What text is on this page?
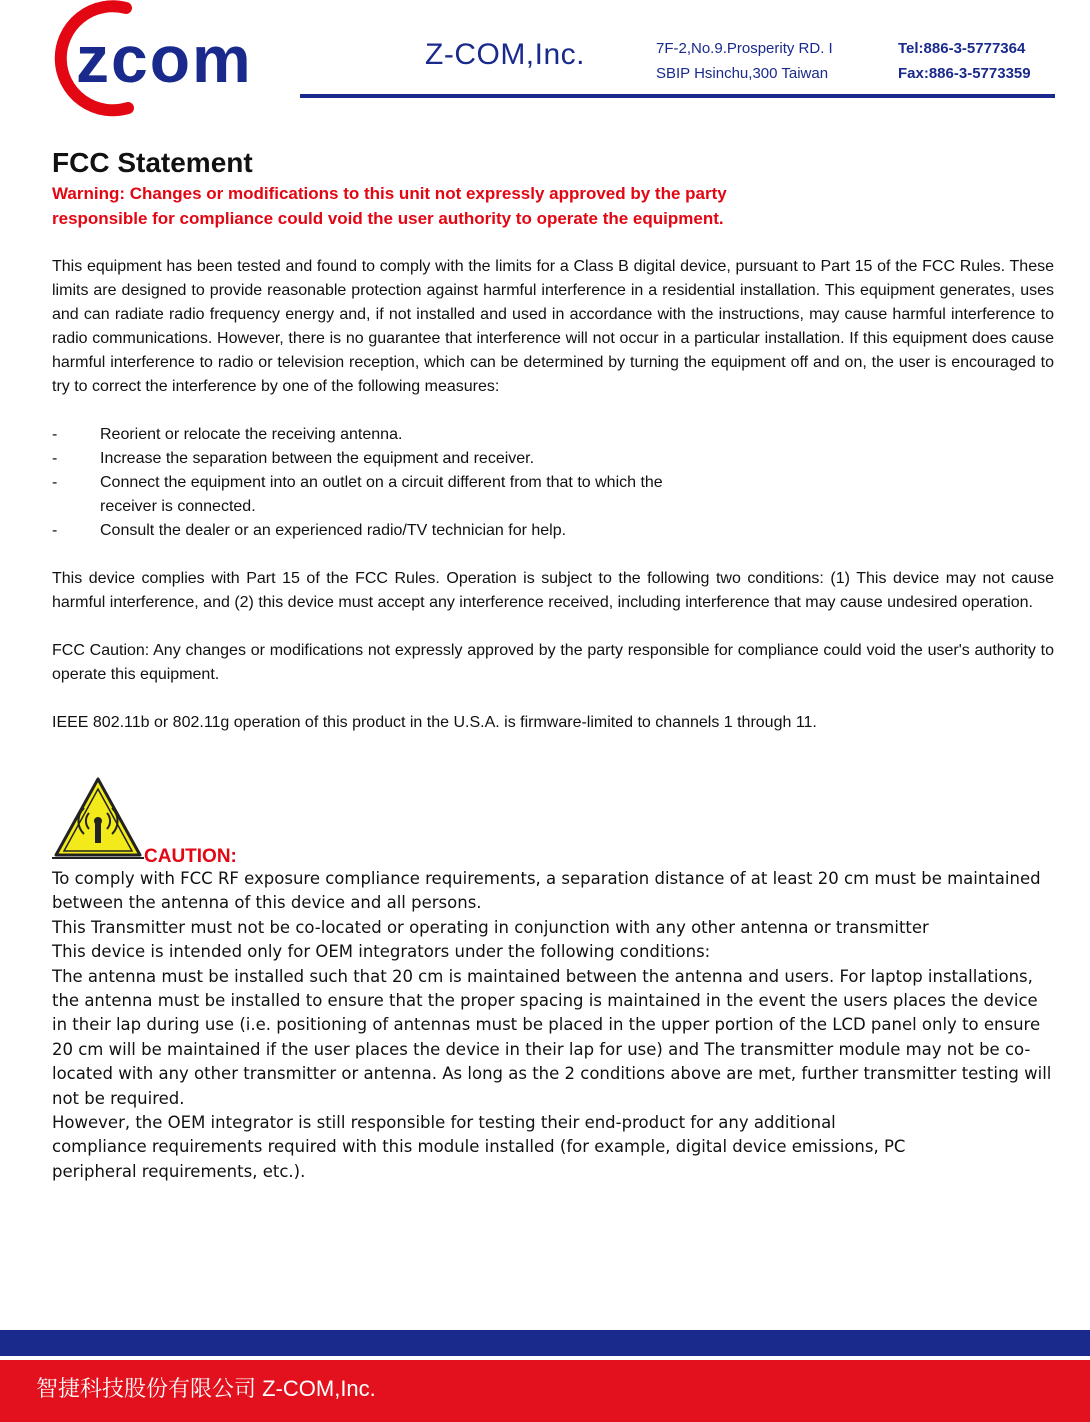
zcom	Z-COM,Inc.	7F-2,No.9.Prosperity RD. I
SBIP Hsinchu,300 Taiwan
Tel:886-3-5777364
Fax:886-3-5773359
FCC Statement

Warning: Changes or modifications to this unit not expressly approved by the party responsible for compliance could void the user authority to operate the equipment.

This equipment has been tested and found to comply with the limits for a Class B digital device, pursuant to Part 15 of the FCC Rules. These limits are designed to provide reasonable protection against harmful interference in a residential installation. This equipment generates, uses and can radiate radio frequency energy and, if not installed and used in accordance with the instructions, may cause harmful interference to radio communications. However, there is no guarantee that interference will not occur in a particular installation. If this equipment does cause harmful interference to radio or television reception, which can be determined by turning the equipment off and on, the user is encouraged to try to correct the interference by one of the following measures:

-	Reorient or relocate the receiving antenna.
-	Increase the separation between the equipment and receiver.
-	Connect the equipment into an outlet on a circuit different from that to which the receiver is connected.
-	Consult the dealer or an experienced radio/TV technician for help.

This device complies with Part 15 of the FCC Rules. Operation is subject to the following two conditions: (1) This device may not cause harmful interference, and (2) this device must accept any interference received, including interference that may cause undesired operation.

FCC Caution: Any changes or modifications not expressly approved by the party responsible for compliance could void the user's authority to operate this equipment.

IEEE 802.11b or 802.11g operation of this product in the U.S.A. is firmware-limited to channels 1 through 11.

CAUTION:

To comply with FCC RF exposure compliance requirements, a separation distance of at least 20 cm must be maintained between the antenna of this device and all persons.

This Transmitter must not be co-located or operating in conjunction with any other antenna or transmitter

This device is intended only for OEM integrators under the following conditions:

The antenna must be installed such that 20 cm is maintained between the antenna and users. For laptop installations, the antenna must be installed to ensure that the proper spacing is maintained in the event the users places the device in their lap during use (i.e. positioning of antennas must be placed in the upper portion of the LCD panel only to ensure 20 cm will be maintained if the user places the device in their lap for use) and The transmitter module may not be co-located with any other transmitter or antenna. As long as the 2 conditions above are met, further transmitter testing will not be required.

However, the OEM integrator is still responsible for testing their end-product for any additional compliance requirements required with this module installed (for example, digital device emissions, PC peripheral requirements, etc.).

智捷科技股份有限公司 Z-COM,Inc.
